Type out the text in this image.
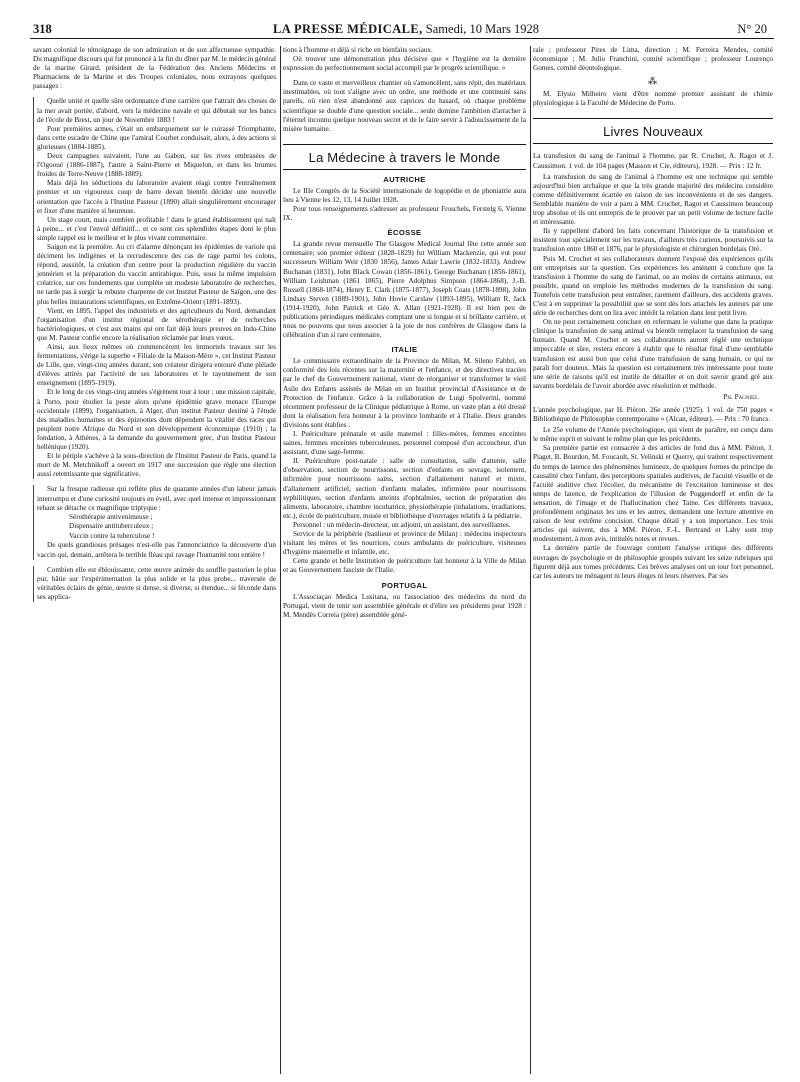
318	LA PRESSE MÉDICALE, Samedi, 10 Mars 1928	N° 20

savant colonial le témoignage de son admiration et de son affectueuse sympathie. Du magnifique discours qui fut prononcé à la fin du dîner par M. le médecin général de la marine Girard, président de la Fédération des Anciens Médecins et Pharmaciens de la Marine et des Troupes coloniales, nous extrayons quelques passages :

Quelle unité et quelle sûre ordonnance d'une carrière que l'attrait des choses de la mer avait portée, d'abord, vers la médecine navale et qui débutait sur les bancs de l'école de Brest, un jour de Novembre 1883 !

Pour premières armes, c'était un embarquement sur le cuirassé Triomphante, dans cette escadre de Chine que l'amiral Courbet conduisait, alors, à des actions si glorieuses (1884-1885).

Deux campagnes suivaient, l'une au Gabon, sur les rives embrasées de l'Ogooué (1886-1887), l'autre à Saint-Pierre et Miquelon, et dans les brumes froides de Terre-Neuve (1888-1889).

Mais déjà les séductions du laboratoire avaient réagi contre l'entraînement premier et un vigoureux coup de barre devait bientôt décider une nouvelle orientation que l'accès à l'Institut Pasteur (1890) allait singulièrement encourager et fixer d'une manière si heureuse.

Un stage court, mais combien profitable ! dans le grand établissement qui naît à peine... et c'est l'envol définitif... et ce sont ces splendides étapes dont le plus simple rappel est le meilleur et le plus vivant commentaire.

Saigon est la première. Au cri d'alarme dénonçant les épidémies de variole qui déciment les indigènes et la recrudescence des cas de rage parmi les colons, répond, aussitôt, la création d'un centre pour la production régulière du vaccin jennérien et la préparation du vaccin antirabique. Puis, sous la même impulsion créatrice, sur ces fondements que complète un modeste laboratoire de recherches, ne tarde pas à surgir la robuste charpente de cet Institut Pasteur de Saïgon, une des plus belles instaurations scientifiques, en Extrême-Orient (1891-1893).

Vient, en 1895, l'appel des industriels et des agriculteurs du Nord, demandant l'organisation d'un institut régional de sérothérapie et de recherches bactériologiques, et c'est aux mains qui ont fait déjà leurs preuves en Indo-Chine que M. Pasteur confie encore la réalisation réclamée par leurs vœux.

Ainsi, aux lieux mêmes où commencèrent les immortels travaux sur les fermentations, s'érige la superbe « Filiale de la Maison-Mère », cet Institut Pasteur de Lille, que, vingt-cinq années durant, son créateur dirigera entouré d'une pléiade d'élèves attirés par l'activité de ses laboratoires et le rayonnement de son enseignement (1895-1919).

Et le long de ces vingt-cinq années s'égrènent tour à tour : une mission capitale, à Porto, pour étudier la peste alors qu'une épidémie grave menace l'Europe occidentale (1899), l'organisation, à Alger, d'un institut Pasteur destiné à l'étude des maladies humaines et des épizooties dont dépendent la vitalité des races qui peuplent notre Afrique du Nord et son développement économique (1910) ; la fondation, à Athènes, à la demande du gouvernement grec, d'un Institut Pasteur hellénique (1920).

Et le périple s'achève à la sous-direction de l'Institut Pasteur de Paris, quand la mort de M. Metchnikoff a ouvert en 1917 une succession que règle une élection aussi retentissante que significative.

Sur la fresque radieuse qui reflète plus de quarante années d'un labeur jamais interrompu et d'une curiosité toujours en éveil, avec quel intense et impressionnant rehaut se détache ce magnifique triptyque :

Sérothérapie antivenimeuse ;
Dispensaire antituberculeux ;
Vaccin contre la tuberculose !

De quels grandioses présages n'est-elle pas l'annonciatrice la découverte d'un vaccin qui, demain, arrêtera le terrible fléau qui ravage l'humanité tout entière !

Combien elle est éblouissante, cette œuvre animée du souffle pastorien le plus pur, bâtie sur l'expérimentation la plus solide et la plus probe... traversée de véritables éclairs de génie, œuvre si dense, si diverse, si étendue... si féconde dans ses applica-

tions à l'homme et déjà si riche en bienfaits sociaux.

Où trouver une démonstration plus décisive que « l'hygiène est la dernière expression du perfectionnement social accompli par le progrès scientifique. »

Dans ce vaste et merveilleux chantier où s'amoncèlent, sans répit, des matériaux inestimables, où tout s'aligne avec un ordre, une méthode et une continuité sans pareils, où rien n'est abandonné aux caprices du hasard, où chaque problème scientifique se double d'une question sociale... seule domine l'ambition d'arracher à l'éternel inconnu quelque nouveau secret et de le faire servir à l'adoucissement de la misère humaine.

La Médecine à travers le Monde
AUTRICHE

Le IIIe Congrès de la Société internationale de logopédie et de phoniatrie aura lieu à Vienne les 12, 13, 14 Juillet 1928.

Pour tous renseignements s'adresser au professeur Froschels, Ferstelg 6, Vienne IX.

ÉCOSSE

La grande revue mensuelle The Glasgow Medical Journal fête cette année son centenaire; son premier éditeur (1828-1829) fut William Mackenzie, qui eut pour successeurs William Weir (1830 1856), James Adair Lawrie (1832-1833), Andrew Buchanan (1831), John Black Cowan (1856-1861), George Buchanan (1856-1861), William Leishman (1861 1865), Pierre Adolphus Simpson (1864-1868), J.-B. Russell (1868-1874), Henry E. Clark (1875-1877), Joseph Coats (1878-1898), John Lindsay Steven (1889-1901), John Hovie Carslaw (1893-1895), William R. Jack (1914-1920), John Patrick et Géo A. Allan (1921-1928). Il est bien peu de publications périodiques médicales comptant une si longue et si brillante carrière, et nous ne pouvons que nous associer à la joie de nos confrères de Glasgow dans la célébration d'un si rare centenaire.

ITALIE

Le commissaire extraordinaire de la Province de Milan, M. Sileno Fabbri, en conformité des lois récentes sur la maternité et l'enfance, et des directives tracées par le chef du Gouvernement national, vient de réorganiser et transformer le vieil Asile des Enfants assistés de Milan en un Institut provincial d'Assistance et de Protection de l'enfance. Grâce à la collaboration de Luigi Spolverini, nommé récemment professeur de la Clinique pédiatrique à Rome, un vaste plan a été dressé dont la réalisation fera honneur à la province lombarde et à l'Italie. Deux grandes divisions sont établies :

I. Puériculture prénatale et asile maternel : filles-mères, femmes enceintes saines, femmes enceintes tuberculeuses, personnel composé d'un accoucheur, d'un assistant, d'une sage-femme.

II. Puériculture post-natale : salle de consultation, salle d'attente, salle d'observation, section de nourrissons, section d'enfants en sevrage, isolement, infirmière pour nourrissons sains, section d'allaitement naturel et mixte, d'allaitement artificiel, section d'enfants malades, infirmière pour nourrissons syphilitiques, section d'enfants atteints d'ophtalmies, section de préparation des aliments, laboratoire, chambre incubatrice, physiothérapie (inhalations, irradiations, etc.), école de puériculture, musée et bibliothèque d'ouvrages relatifs à la pédiatrie.

Personnel : un médecin-directeur, un adjoint, un assistant, des surveillantes.

Service de la périphérie (banlieue et province de Milan) : médecins inspecteurs visitant les mères et les nourrices, cours ambulants de puériculture, visiteuses d'hygiène maternelle et infantile, etc.

Cette grande et belle Institution de puériculture fait honneur à la Ville de Milan et au Gouvernement fasciste de l'Italie.

PORTUGAL

L'Associaçao Medica Lusitana, ou l'association des médecins du nord du Portugal, vient de tenir son assemblée générale et d'élire ses présidents pour 1928 : M. Mendès Correia (père) assemblée géné-

rale ; professeur Pires de Lima, direction ; M. Ferreira Mendes, comité économique ; M. Julio Franchini, comité scientifique ; professeur Lourenço Gomes, comité déontologique.

⁂

M. Elysio Milheiro vient d'être nommé premier assistant de chimie physiologique à la Faculté de Médecine de Porto.

Livres Nouveaux

La transfusion du sang de l'animal à l'homme, par R. Cruchet, A. Ragot et J. Caussimon. 1 vol. de 104 pages (Masson et Cie, éditeurs), 1928. — Prix : 12 fr.

La transfusion du sang de l'animal à l'homme est une technique qui semble aujourd'hui bien archaïque et que la très grande majorité des médecins considère comme définitivement écartée en raison de ses inconvénients et de ses dangers. Semblable manière de voir a paru à MM. Cruchet, Ragot et Caussimon beaucoup trop absolue et ils ont entrepris de le prouver par un petit volume de lecture facile et intéressante.

Ils y rappellent d'abord les faits concernant l'historique de la transfusion et insistent tout spécialement sur les travaux, d'ailleurs très curieux, poursuivis sur la transfusion entre 1860 et 1876, par le physiologiste et chirurgien bordelais Oré.

Puis M. Cruchet et ses collaborateurs donnent l'exposé des expériences qu'ils ont entreprises sur la question. Ces expériences les amènent à conclure que la transfusion à l'homme du sang de l'animal, ou au moins de certains animaux, est possible, quand on emploie les méthodes modernes de la transfusion du sang. Toutefois cette transfusion peut entraîner, rarement d'ailleurs, des accidents graves. C'est à en supprimer la possibilité que se sont dès lors attachés les auteurs par une série de recherches dont on lira avec intérêt la relation dans leur petit livre.

On ne peut certainement conclure en refermant le volume que dans la pratique clinique la transfusion de sang animal va bientôt remplacer la transfusion de sang humain. Quand M. Cruchet et ses collaborateurs auront réglé une technique impeccable et sûre, restera encore à établir que le résultat final d'une semblable transfusion est aussi bon que celui d'une transfusion de sang humain, ce qui ne paraît fort douteux. Mais la question est certainement très intéressante pour toute une série de raisons qu'il est inutile de détailler et on doit savoir grand gré aux savants bordelais de l'avoir abordée avec résolution et méthode.

Ph. Pagniez.

L'année psychologique, par H. Piéron. 26e année (1925). 1 vol. de 750 pages « Bibliothèque de Philosophie contemporaine » (Alcan, éditeur). — Prix : 70 francs.

Le 25e volume de l'Année psychologique, qui vient de paraître, est conçu dans le même esprit et suivant le même plan que les précédents.

Sa première partie est consacrée à des articles de fond dus à MM. Piéron, J. Piaget, B. Bourdon, M. Foucault, St. Velinski et Querry, qui traitent respectivement du temps de latence des phénomènes lumineux, de quelques formes du principe de causalité chez l'enfant, des perceptions spatiales auditives, de l'acuité visuelle et de l'acuité auditive chez l'écolier, du mécanisme de l'excitation lumineuse et des temps de latence, de l'explication de l'illusion de Poggendorff et enfin de la sensation, de l'image et de l'hallucination chez Taine. Ces différents travaux, profondément originaux les uns et les autres, demandent une lecture attentive en raison de leur extrême concision. Chaque détail y a son importance. Les trois articles qui suivent, dus à MM. Piéron, F.-L. Bertrand et Laby sont trop modestement, à mon avis, intitulés notes et revues.

La dernière partie de l'ouvrage contient l'analyse critique des différents ouvrages de psychologie et de philosophie groupés suivant les seize rubriques qui figurent déjà aux tomes précédents. Ces brèves analyses ont un tour fort personnel, car les auteurs ne ménagent ni leurs éloges ni leurs réserves. Par ses
